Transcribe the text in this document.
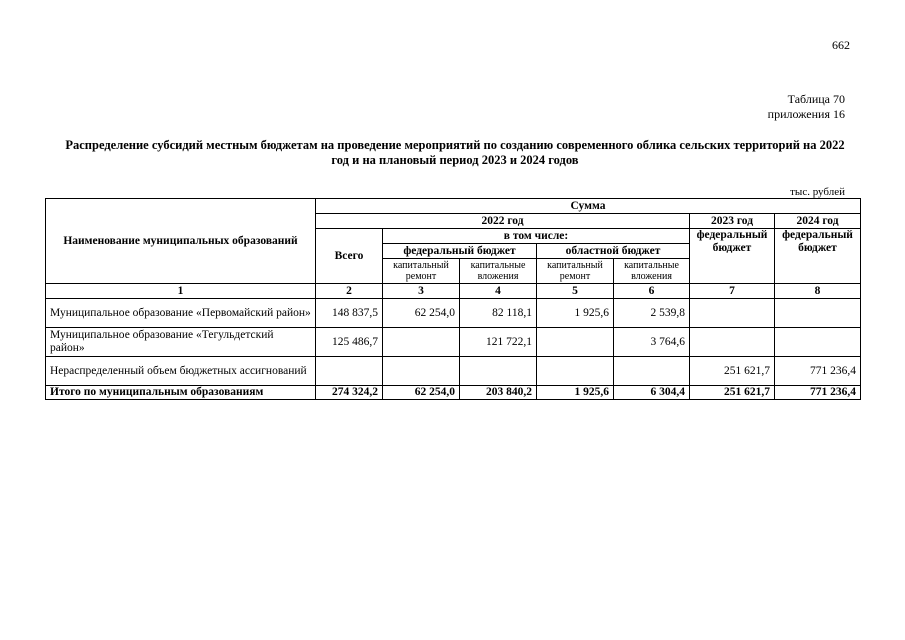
662
Таблица 70
приложения 16
Распределение субсидий местным бюджетам на проведение мероприятий по созданию современного облика сельских территорий на 2022 год и на плановый период 2023 и 2024 годов
тыс. рублей
Наименование муниципальных образований	Сумма						
	2022 год					2023 год	2024 год
	Всего	в том числе:				федеральный бюджет	федеральный бюджет
		федеральный бюджет		областной бюджет			
		капитальный ремонт	капитальные вложения	капитальный ремонт	капитальные вложения		
1	2	3	4	5	6	7	8
Муниципальное образование «Первомайский район»	148 837,5	62 254,0	82 118,1	1 925,6	2 539,8		
Муниципальное образование «Тегульдетский район»	125 486,7		121 722,1		3 764,6		
Нераспределенный объем бюджетных ассигнований						251 621,7	771 236,4
Итого по муниципальным образованиям	274 324,2	62 254,0	203 840,2	1 925,6	6 304,4	251 621,7	771 236,4
